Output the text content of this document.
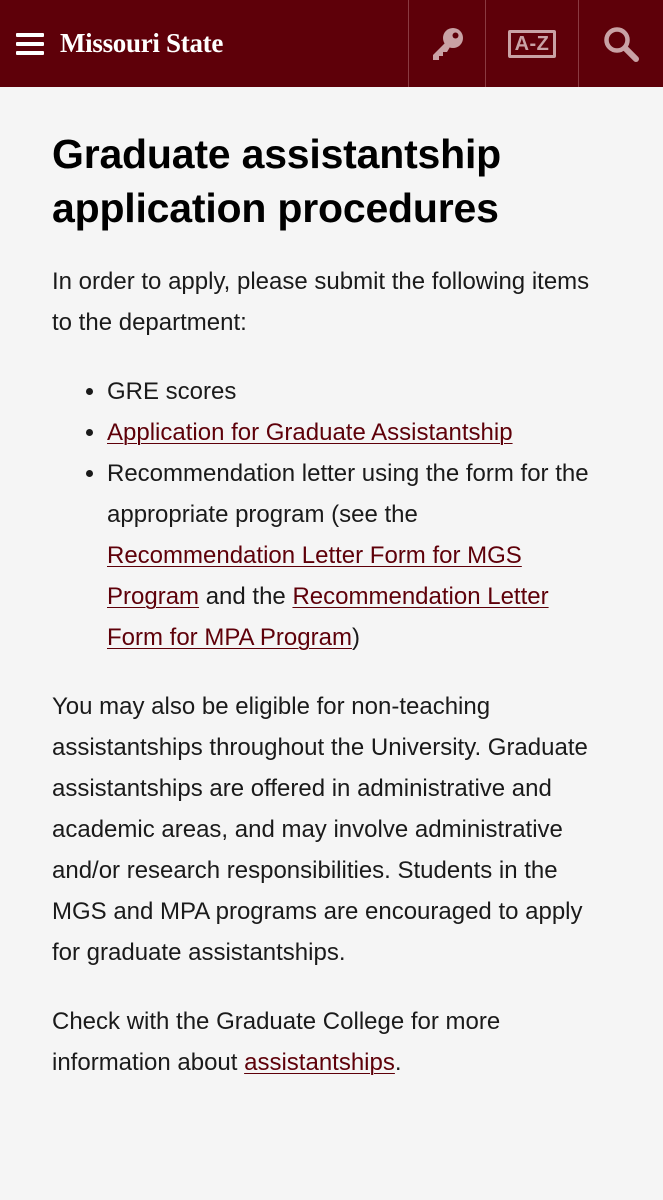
Missouri State	A-Z
Graduate assistantship application procedures

In order to apply, please submit the following items to the department:

• GRE scores
• Application for Graduate Assistantship
• Recommendation letter using the form for the appropriate program (see the Recommendation Letter Form for MGS Program and the Recommendation Letter Form for MPA Program)

You may also be eligible for non-teaching assistantships throughout the University. Graduate assistantships are offered in administrative and academic areas, and may involve administrative and/or research responsibilities. Students in the MGS and MPA programs are encouraged to apply for graduate assistantships.

Check with the Graduate College for more information about assistantships.
